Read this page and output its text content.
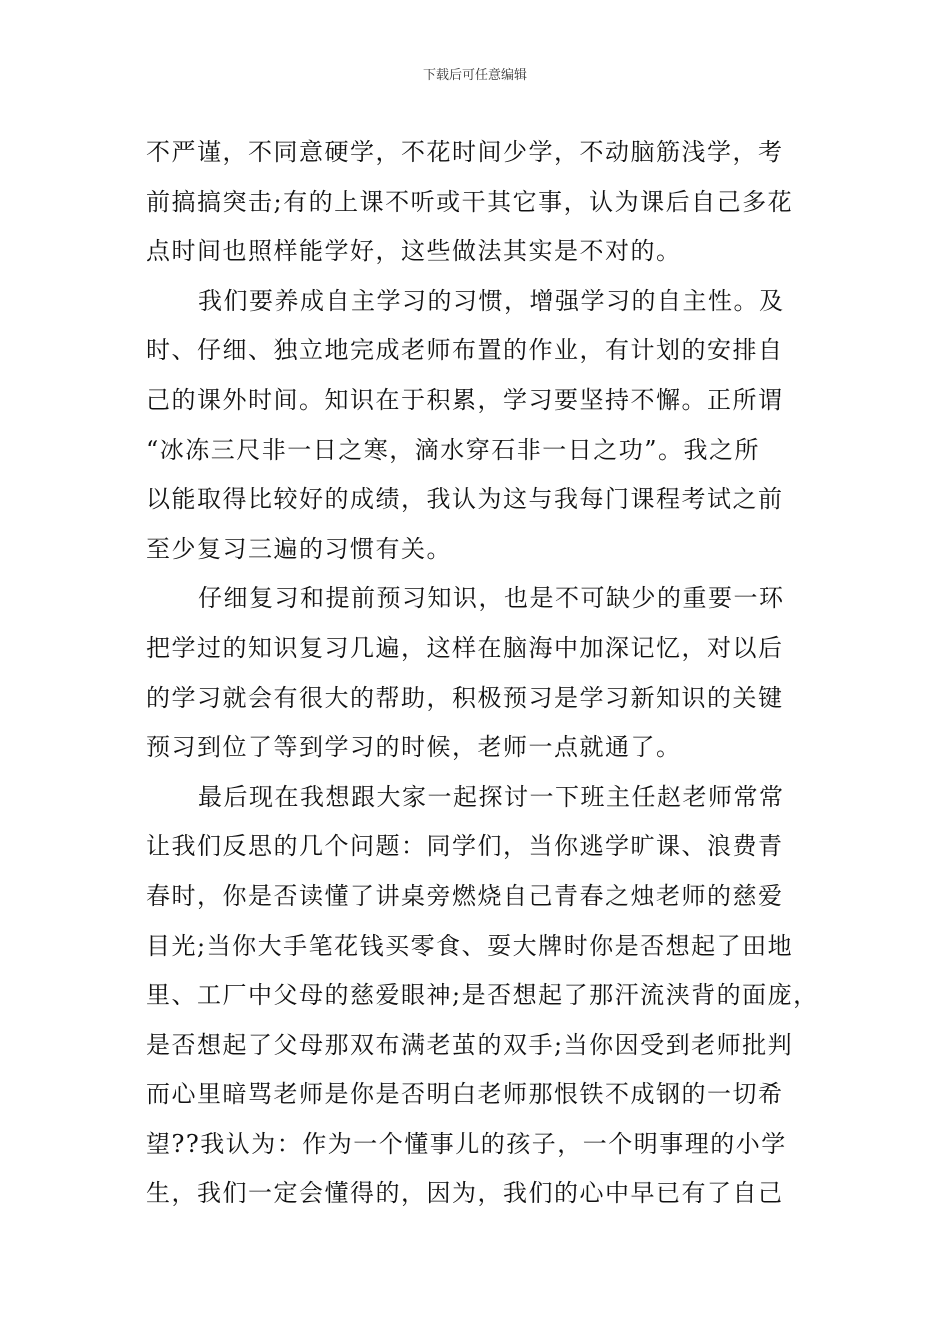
下载后可任意编辑
不严谨，不同意硬学，不花时间少学，不动脑筋浅学，考
前搞搞突击;有的上课不听或干其它事，认为课后自己多花
点时间也照样能学好，这些做法其实是不对的。
我们要养成自主学习的习惯，增强学习的自主性。及
时、仔细、独立地完成老师布置的作业，有计划的安排自
己的课外时间。知识在于积累，学习要坚持不懈。正所谓
“冰冻三尺非一日之寒，滴水穿石非一日之功”。我之所
以能取得比较好的成绩，我认为这与我每门课程考试之前
至少复习三遍的习惯有关。
仔细复习和提前预习知识，也是不可缺少的重要一环
把学过的知识复习几遍，这样在脑海中加深记忆，对以后
的学习就会有很大的帮助，积极预习是学习新知识的关键
预习到位了等到学习的时候，老师一点就通了。
最后现在我想跟大家一起探讨一下班主任赵老师常常
让我们反思的几个问题：同学们，当你逃学旷课、浪费青
春时，你是否读懂了讲桌旁燃烧自己青春之烛老师的慈爱
目光;当你大手笔花钱买零食、耍大牌时你是否想起了田地
里、工厂中父母的慈爱眼神;是否想起了那汗流浃背的面庞，
是否想起了父母那双布满老茧的双手;当你因受到老师批判
而心里暗骂老师是你是否明白老师那恨铁不成钢的一切希
望??我认为：作为一个懂事儿的孩子，一个明事理的小学
生，我们一定会懂得的，因为，我们的心中早已有了自己
